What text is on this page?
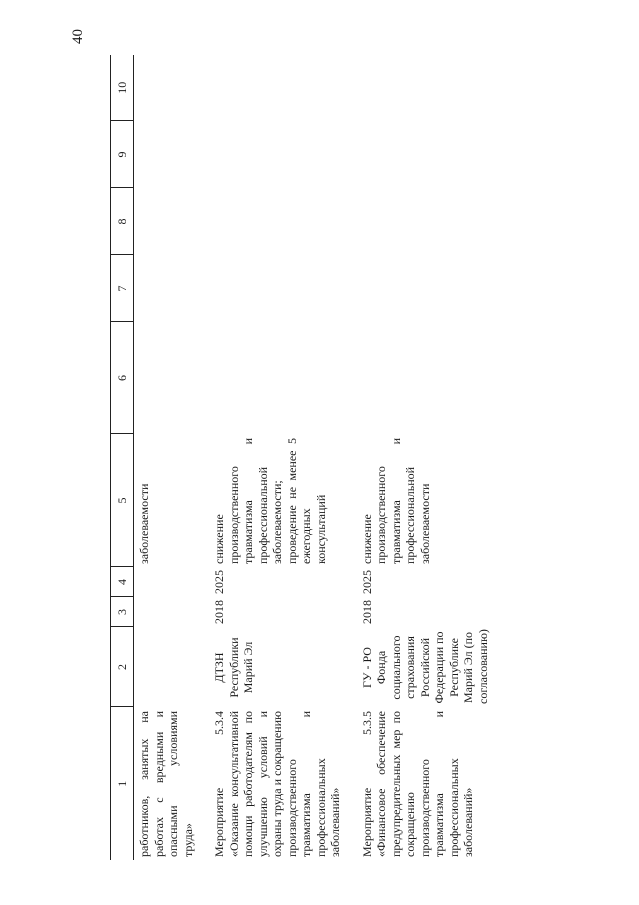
40
1	2	3	4	5	6	7	8	9	10
работников, занятых на работах с вредными и опасными условиями труда»				заболеваемости					
Мероприятие 5.3.4 «Оказание консультативной помощи работодателям по улучшению условий и охраны труда и сокращению производственного травматизма и профессиональных заболеваний»	ДТЗН Республики Марий Эл	2018	2025	снижение производственного травматизма и профессиональной заболеваемости; проведение не менее 5 ежегодных консультаций					
Мероприятие 5.3.5 «Финансовое обеспечение предупредительных мер по сокращению производственного травматизма и профессиональных заболеваний»	ГУ - РО Фонда социального страхования Российской Федерации по Республике Марий Эл (по согласованию)	2018	2025	снижение производственного травматизма и профессиональной заболеваемости					
